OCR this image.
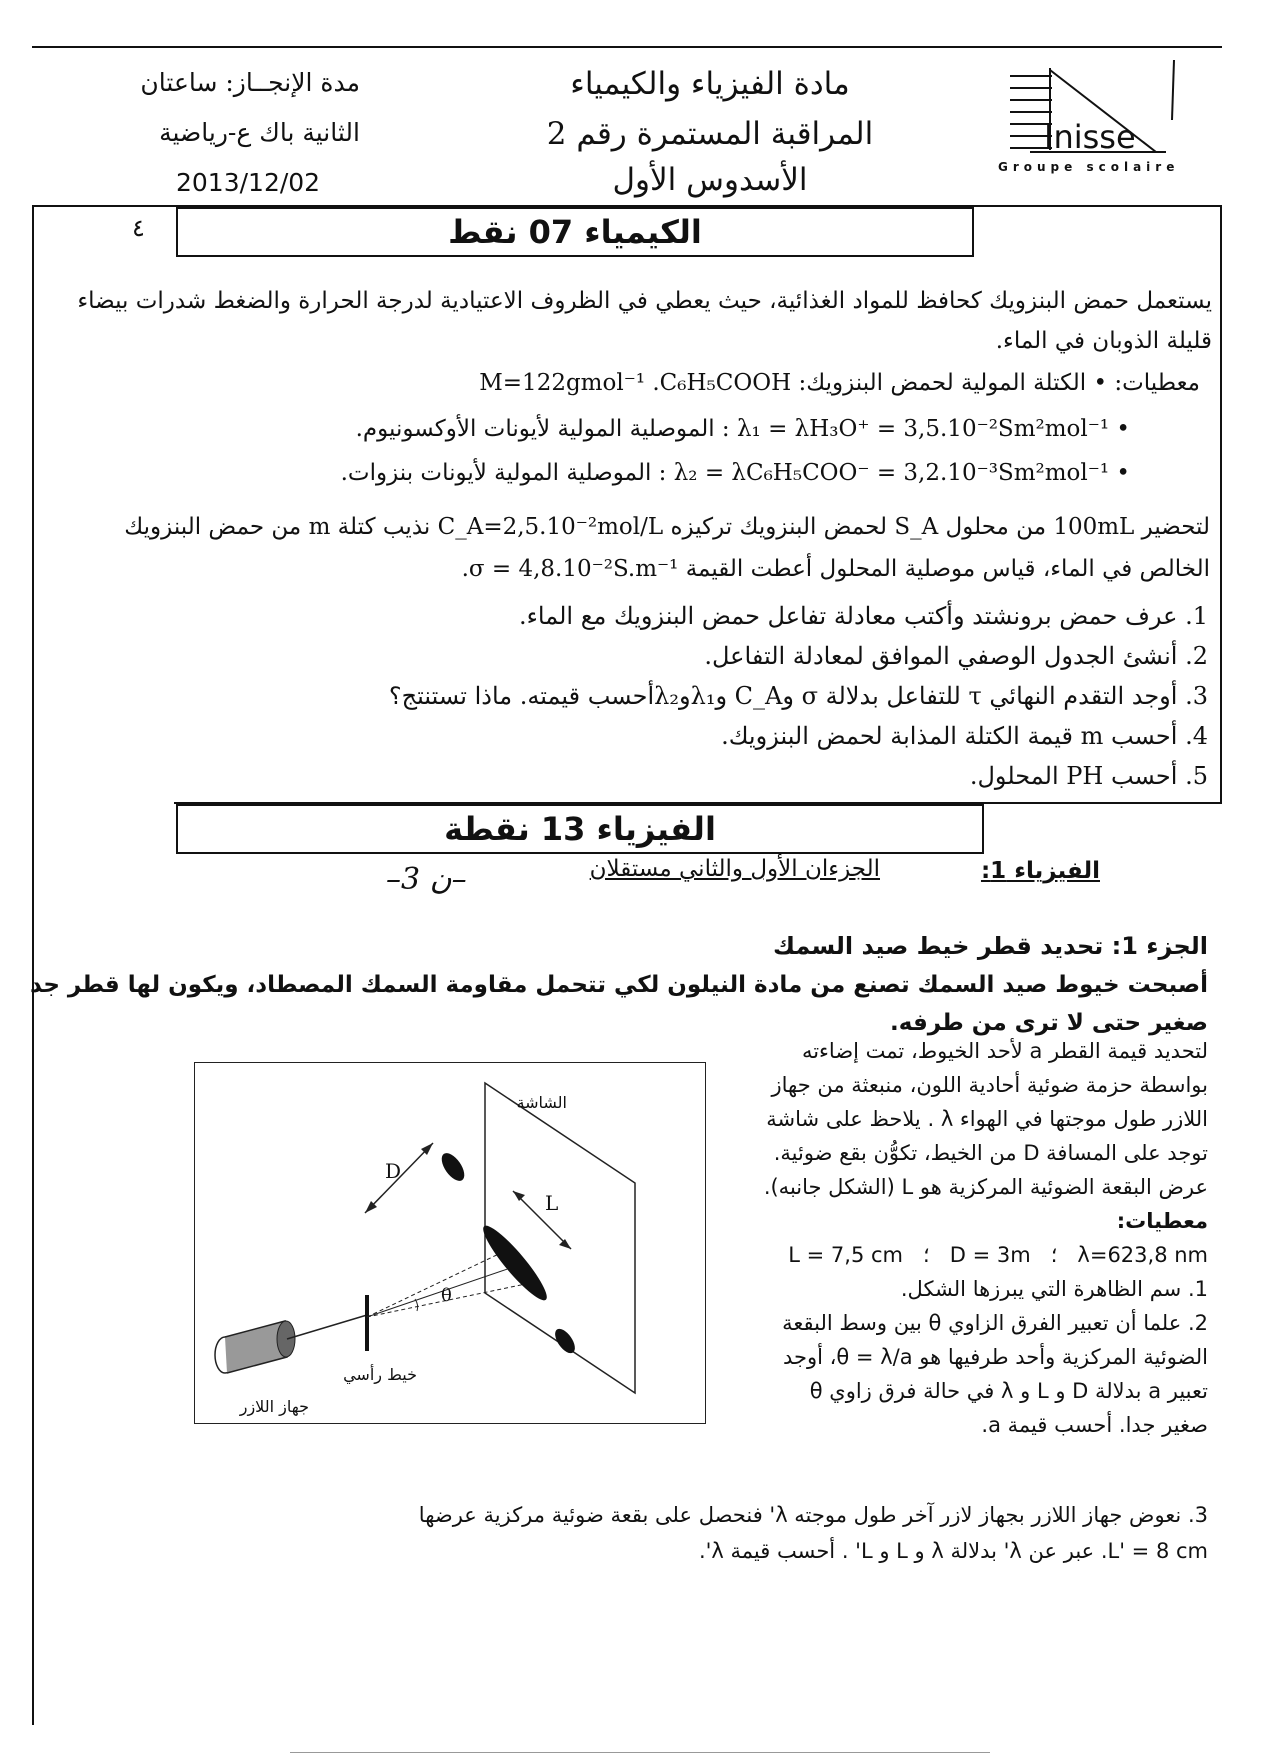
مدة الإنجــاز: ساعتان
الثانية باك ع-رياضية
2013/12/02
مادة الفيزياء والكيمياء
المراقبة المستمرة رقم 2
الأسدوس الأول
Inisse
Groupe scolaire
الكيمياء 07 نقط
٤
يستعمل حمض البنزويك كحافظ للمواد الغذائية، حيث يعطي في الظروف الاعتيادية لدرجة الحرارة والضغط شدرات بيضاء
قليلة الذوبان في الماء.
معطيات: • الكتلة المولية لحمض البنزويك: M=122gmol⁻¹ .C₆H₅COOH
• λ₁ = λH₃O⁺ = 3,5.10⁻²Sm²mol⁻¹ : الموصلية المولية لأيونات الأوكسونيوم.
• λ₂ = λC₆H₅COO⁻ = 3,2.10⁻³Sm²mol⁻¹ : الموصلية المولية لأيونات بنزوات.
لتحضير 100mL من محلول S_A لحمض البنزويك تركيزه C_A=2,5.10⁻²mol/L نذيب كتلة m من حمض البنزويك
الخالص في الماء، قياس موصلية المحلول أعطت القيمة σ = 4,8.10⁻²S.m⁻¹.
1. عرف حمض برونشتد وأكتب معادلة تفاعل حمض البنزويك مع الماء.
2. أنشئ الجدول الوصفي الموافق لمعادلة التفاعل.
3. أوجد التقدم النهائي τ للتفاعل بدلالة σ وC_A وλ₁وλ₂أحسب قيمته. ماذا تستنتج؟
4. أحسب m قيمة الكتلة المذابة لحمض البنزويك.
5. أحسب PH المحلول.
الفيزياء 13 نقطة
الفيزياء 1:
الجزءان الأول والثاني مستقلان
–ن 3–
الجزء 1: تحديد قطر خيط صيد السمك
أصبحت خيوط صيد السمك تصنع من مادة النيلون لكي تتحمل مقاومة السمك المصطاد، ويكون لها قطر جد
صغير حتى لا ترى من طرفه.
الشاشة
D
L
θ
خيط رأسي
جهاز اللازر
لتحديد قيمة القطر a لأحد الخيوط، تمت إضاءته
بواسطة حزمة ضوئية أحادية اللون، منبعثة من جهاز
اللازر طول موجتها في الهواء λ . يلاحظ على شاشة
توجد على المسافة D من الخيط، تكوُّن بقع ضوئية.
عرض البقعة الضوئية المركزية هو L (الشكل جانبه).
معطيات:
L = 7,5 cm   ؛   D = 3m   ؛   λ=623,8 nm
1. سم الظاهرة التي يبرزها الشكل.
2. علما أن تعبير الفرق الزاوي θ بين وسط البقعة
الضوئية المركزية وأحد طرفيها هو θ = λ/a، أوجد
تعبير a بدلالة D و L و λ في حالة فرق زاوي θ
صغير جدا. أحسب قيمة a.
3. نعوض جهاز اللازر بجهاز لازر آخر طول موجته λ' فنحصل على بقعة ضوئية مركزية عرضها
L' = 8 cm. عبر عن λ' بدلالة λ و L و L' . أحسب قيمة λ'.
